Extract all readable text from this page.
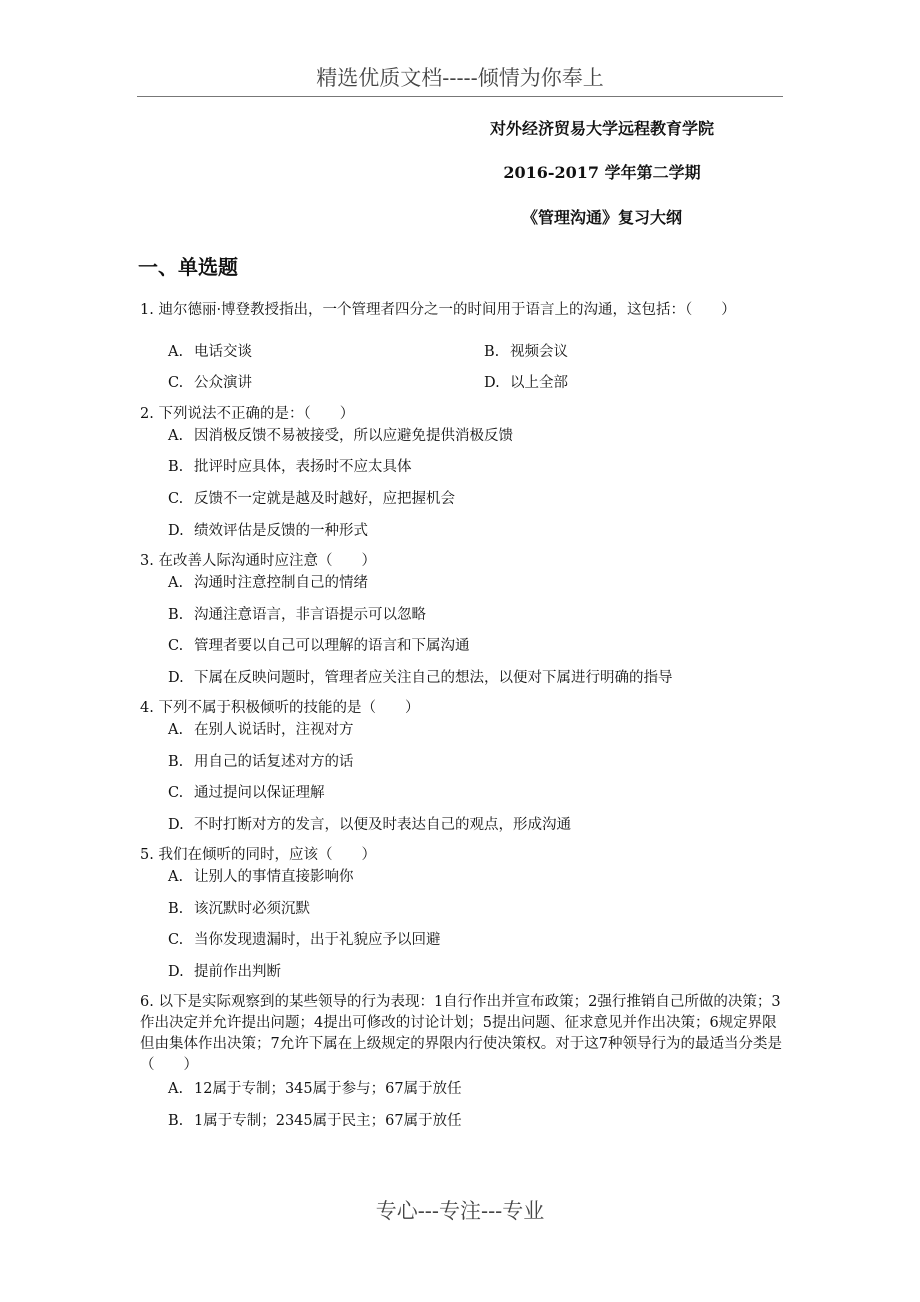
精选优质文档-----倾情为你奉上
对外经济贸易大学远程教育学院
2016-2017 学年第二学期
《管理沟通》复习大纲
一、单选题
1. 迪尔德丽·博登教授指出，一个管理者四分之一的时间用于语言上的沟通，这包括：（　　）
A. 电话交谈	B. 视频会议
C. 公众演讲	D. 以上全部
2. 下列说法不正确的是：（　　）
A. 因消极反馈不易被接受，所以应避免提供消极反馈
B. 批评时应具体，表扬时不应太具体
C. 反馈不一定就是越及时越好，应把握机会
D. 绩效评估是反馈的一种形式
3. 在改善人际沟通时应注意（　　）
A. 沟通时注意控制自己的情绪
B. 沟通注意语言，非言语提示可以忽略
C. 管理者要以自己可以理解的语言和下属沟通
D. 下属在反映问题时，管理者应关注自己的想法，以便对下属进行明确的指导
4. 下列不属于积极倾听的技能的是（　　）
A. 在别人说话时，注视对方
B. 用自己的话复述对方的话
C. 通过提问以保证理解
D. 不时打断对方的发言，以便及时表达自己的观点，形成沟通
5. 我们在倾听的同时，应该（　　）
A. 让别人的事情直接影响你
B. 该沉默时必须沉默
C. 当你发现遗漏时，出于礼貌应予以回避
D. 提前作出判断
6. 以下是实际观察到的某些领导的行为表现：1自行作出并宣布政策；2强行推销自己所做的决策；3作出决定并允许提出问题；4提出可修改的讨论计划；5提出问题、征求意见并作出决策；6规定界限但由集体作出决策；7允许下属在上级规定的界限内行使决策权。对于这7种领导行为的最适当分类是（　　）
A. 12属于专制；345属于参与；67属于放任
B. 1属于专制；2345属于民主；67属于放任
专心---专注---专业
